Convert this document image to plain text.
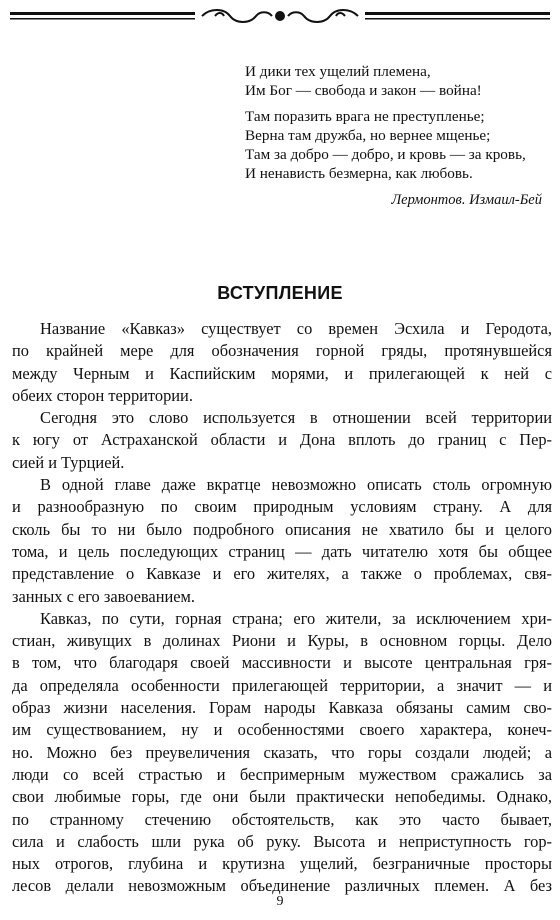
И дики тех ущелий племена,
Им Бог — свобода и закон — война!
Там поразить врага не преступленье;
Верна там дружба, но вернее мщенье;
Там за добро — добро, и кровь — за кровь,
И ненависть безмерна, как любовь.
Лермонтов. Измаил-Бей
ВСТУПЛЕНИЕ
Название «Кавказ» существует со времен Эсхила и Геродота,
по крайней мере для обозначения горной гряды, протянувшейся
между Черным и Каспийским морями, и прилегающей к ней с
обеих сторон территории.
Сегодня это слово используется в отношении всей территории
к югу от Астраханской области и Дона вплоть до границ с Пер-
сией и Турцией.
В одной главе даже вкратце невозможно описать столь огромную
и разнообразную по своим природным условиям страну. А для
сколь бы то ни было подробного описания не хватило бы и целого
тома, и цель последующих страниц — дать читателю хотя бы общее
представление о Кавказе и его жителях, а также о проблемах, свя-
занных с его завоеванием.
Кавказ, по сути, горная страна; его жители, за исключением хри-
стиан, живущих в долинах Риони и Куры, в основном горцы. Дело
в том, что благодаря своей массивности и высоте центральная гря-
да определяла особенности прилегающей территории, а значит — и
образ жизни населения. Горам народы Кавказа обязаны самим сво-
им существованием, ну и особенностями своего характера, конеч-
но. Можно без преувеличения сказать, что горы создали людей; а
люди со всей страстью и беспримерным мужеством сражались за
свои любимые горы, где они были практически непобедимы. Однако,
по странному стечению обстоятельств, как это часто бывает,
сила и слабость шли рука об руку. Высота и неприступность гор-
ных отрогов, глубина и крутизна ущелий, безграничные просторы
лесов делали невозможным объединение различных племен. А без
9
